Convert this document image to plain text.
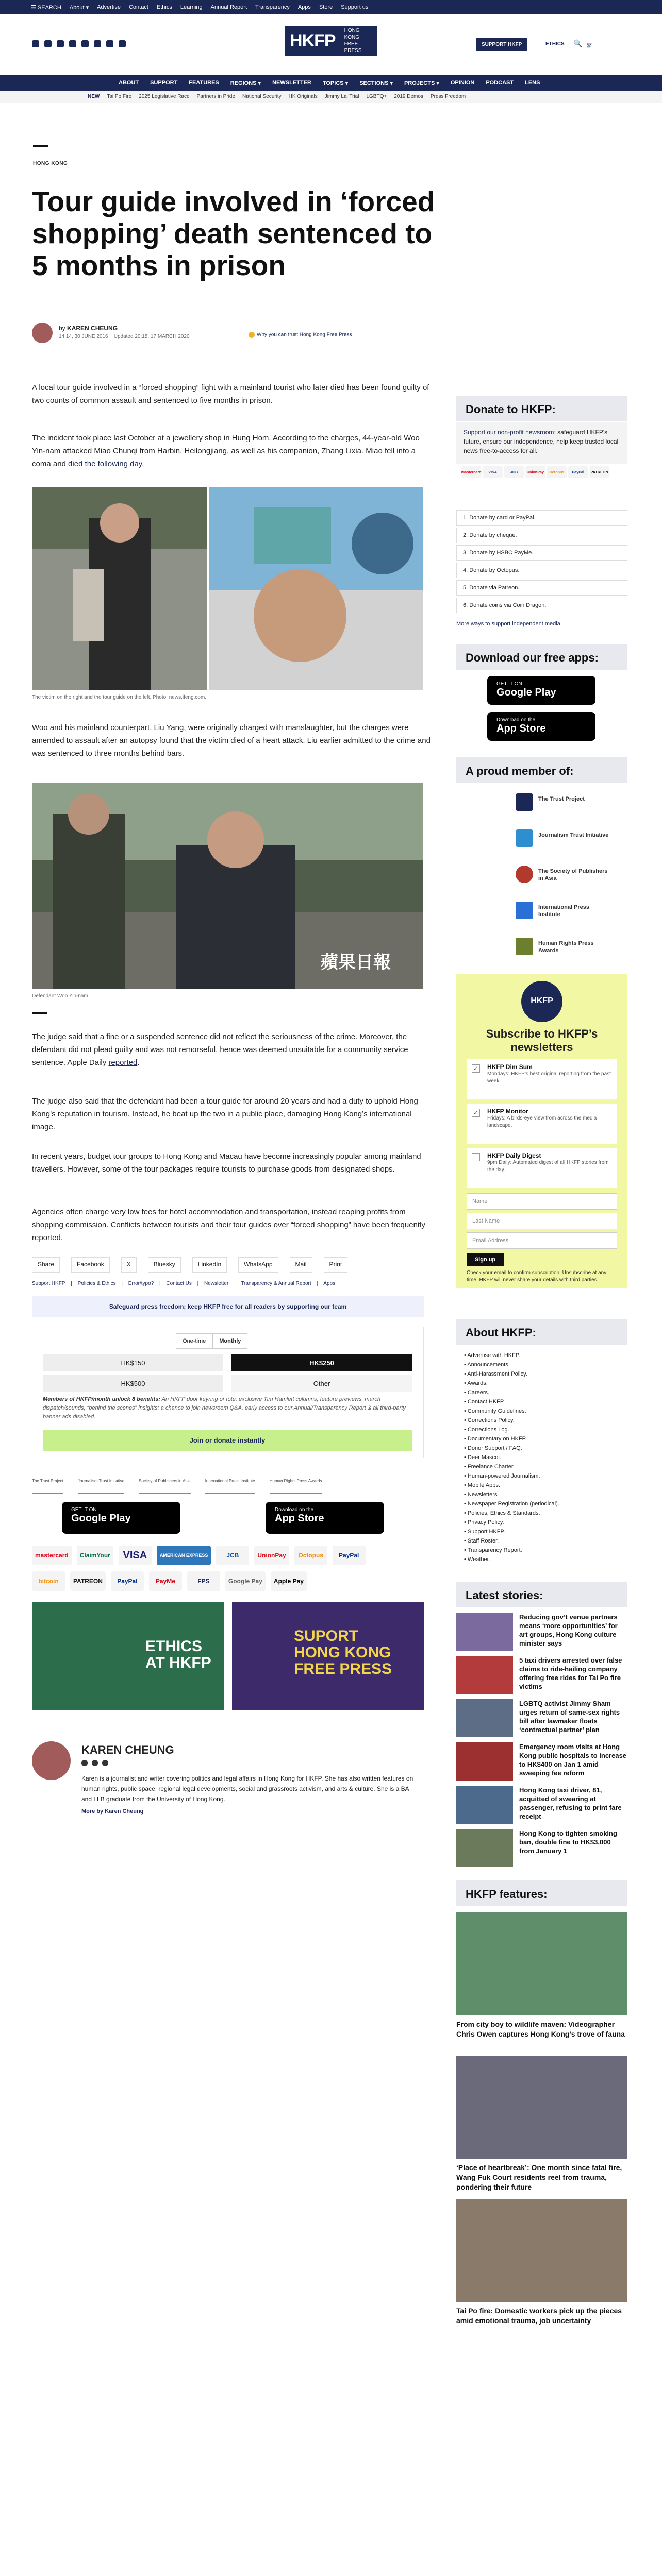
☰ SEARCH About ▾ Advertise Contact Ethics Learning Annual Report Transparency Apps Store Support us
HKFP	HONG KONG
FREE PRESS
SUPPORT HKFP	ETHICS 🔍 繁
ABOUT SUPPORT FEATURES REGIONS ▾ NEWSLETTER TOPICS ▾ SECTIONS ▾ PROJECTS ▾ OPINION PODCAST LENS
NEW Tai Po Fire 2025 Legislative Race Partners in Pride National Security HK Originals Jimmy Lai Trial LGBTQ+ 2019 Demos Press Freedom
HONG KONG
Tour guide involved in ‘forced shopping’ death sentenced to 5 months in prison
by KAREN CHEUNG
14:14, 30 JUNE 2016 Updated 20:18, 17 MARCH 2020	Why you can trust Hong Kong Free Press
A local tour guide involved in a “forced shopping” fight with a mainland tourist who later died has been found guilty of two counts of common assault and sentenced to five months in prison.
The incident took place last October at a jewellery shop in Hung Hom. According to the charges, 44-year-old Woo Yin-nam attacked Miao Chunqi from Harbin, Heilongjiang, as well as his companion, Zhang Lixia. Miao fell into a coma and died the following day.
The victim on the right and the tour guide on the left. Photo: news.ifeng.com.
Woo and his mainland counterpart, Liu Yang, were originally charged with manslaughter, but the charges were amended to assault after an autopsy found that the victim died of a heart attack. Liu earlier admitted to the crime and was sentenced to three months behind bars.
蘋果日報
Defendant Woo Yin-nam.
The judge said that a fine or a suspended sentence did not reflect the seriousness of the crime. Moreover, the defendant did not plead guilty and was not remorseful, hence was deemed unsuitable for a community service sentence. Apple Daily reported.
The judge also said that the defendant had been a tour guide for around 20 years and had a duty to uphold Hong Kong’s reputation in tourism. Instead, he beat up the two in a public place, damaging Hong Kong’s international image.
In recent years, budget tour groups to Hong Kong and Macau have become increasingly popular among mainland travellers. However, some of the tour packages require tourists to purchase goods from designated shops.
Agencies often charge very low fees for hotel accommodation and transportation, instead reaping profits from shopping commission. Conflicts between tourists and their tour guides over “forced shopping” have been frequently reported.
Share	Facebook	X	Bluesky	LinkedIn	WhatsApp	Mail	Print
Support HKFP | Policies & Ethics | Error/typo? | Contact Us | Newsletter | Transparency & Annual Report | Apps
Safeguard press freedom; keep HKFP free for all readers by supporting our team
One-time	Monthly
HK$150	HK$250
HK$500	Other
Members of HKFP/month unlock 8 benefits: An HKFP door keyring or tote; exclusive Tim Hamlett columns, feature previews, march dispatch/sounds, “behind the scenes” insights; a chance to join newsroom Q&A, early access to our Annual/Transparency Report & all third-party banner ads disabled.
Join or donate instantly
The Trust Project	Journalism Trust Initiative	Society of Publishers in Asia	International Press Institute	Human Rights Press Awards
GET IT ON
Google Play
Download on the
App Store
mastercard	ClaimYour	VISA	AMERICAN EXPRESS	JCB	UnionPay	Octopus	PayPal
bitcoin	PATREON	PayPal	PayMe	FPS	Google Pay	Apple Pay
ETHICS AT HKFP
SUPORT HONG KONG FREE PRESS
KAREN CHEUNG
Karen is a journalist and writer covering politics and legal affairs in Hong Kong for HKFP. She has also written features on human rights, public space, regional legal developments, social and grassroots activism, and arts & culture. She is a BA and LLB graduate from the University of Hong Kong.
More by Karen Cheung
Donate to HKFP:
Support our non-profit newsroom: safeguard HKFP's future, ensure our independence, help keep trusted local news free-to-access for all.
mastercard	VISA	JCB	UnionPay Octopus	PayPal	PATREON
1. Donate by card or PayPal.
2. Donate by cheque.
3. Donate by HSBC PayMe.
4. Donate by Octopus.
5. Donate via Patreon.
6. Donate coins via Coin Dragon.
More ways to support independent media.
Download our free apps:
GET IT ON
Google Play
Download on the
App Store
A proud member of:
The Trust Project
Journalism Trust Initiative
The Society of Publishers in Asia
International Press Institute
Human Rights Press Awards
HKFP
Subscribe to HKFP’s newsletters
✓ HKFP Dim Sum
Mondays: HKFP’s best original reporting from the past week.
✓ HKFP Monitor
Fridays: A birds-eye view from across the media landscape.
HKFP Daily Digest
9pm Daily: Automated digest of all HKFP stories from the day.
Name
Last Name
Email Address
Sign up
Check your email to confirm subscription. Unsubscribe at any time. HKFP will never share your details with third parties.
About HKFP:
• Advertise with HKFP.
• Announcements.
• Anti-Harassment Policy.
• Awards.
• Careers.
• Contact HKFP.
• Community Guidelines.
• Corrections Policy.
• Corrections Log.
• Documentary on HKFP.
• Donor Support / FAQ.
• Deer Mascot.
• Freelance Charter.
• Human-powered Journalism.
• Mobile Apps.
• Newsletters.
• Newspaper Registration (periodical).
• Policies, Ethics & Standards.
• Privacy Policy.
• Support HKFP.
• Staff Roster.
• Transparency Report.
• Weather.
Latest stories:
Reducing gov’t venue partners means ‘more opportunities’ for art groups, Hong Kong culture minister says
5 taxi drivers arrested over false claims to ride-hailing company offering free rides for Tai Po fire victims
LGBTQ activist Jimmy Sham urges return of same-sex rights bill after lawmaker floats ‘contractual partner’ plan
Emergency room visits at Hong Kong public hospitals to increase to HK$400 on Jan 1 amid sweeping fee reform
Hong Kong taxi driver, 81, acquitted of swearing at passenger, refusing to print fare receipt
Hong Kong to tighten smoking ban, double fine to HK$3,000 from January 1
HKFP features:
From city boy to wildlife maven: Videographer Chris Owen captures Hong Kong’s trove of fauna
‘Place of heartbreak’: One month since fatal fire, Wang Fuk Court residents reel from trauma, pondering their future
Tai Po fire: Domestic workers pick up the pieces amid emotional trauma, job uncertainty
